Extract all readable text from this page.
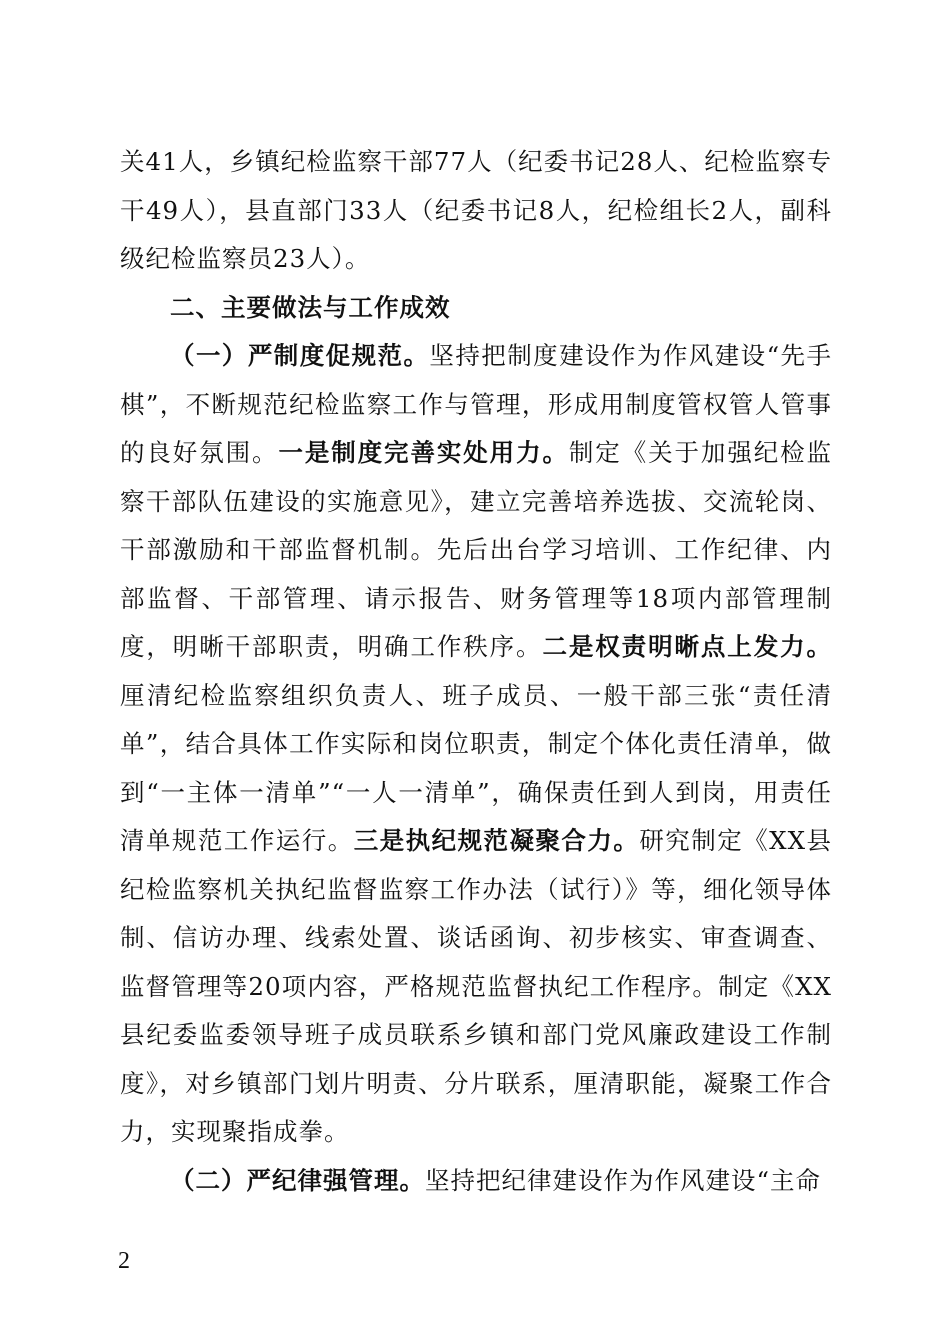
关41人，乡镇纪检监察干部77人（纪委书记28人、纪检监察专干49人），县直部门33人（纪委书记8人，纪检组长2人，副科级纪检监察员23人）。

二、主要做法与工作成效

（一）严制度促规范。坚持把制度建设作为作风建设“先手棋”，不断规范纪检监察工作与管理，形成用制度管权管人管事的良好氛围。一是制度完善实处用力。制定《关于加强纪检监察干部队伍建设的实施意见》，建立完善培养选拔、交流轮岗、干部激励和干部监督机制。先后出台学习培训、工作纪律、内部监督、干部管理、请示报告、财务管理等18项内部管理制度，明晰干部职责，明确工作秩序。二是权责明晰点上发力。厘清纪检监察组织负责人、班子成员、一般干部三张“责任清单”，结合具体工作实际和岗位职责，制定个体化责任清单，做到“一主体一清单”“一人一清单”，确保责任到人到岗，用责任清单规范工作运行。三是执纪规范凝聚合力。研究制定《XX县纪检监察机关执纪监督监察工作办法（试行）》等，细化领导体制、信访办理、线索处置、谈话函询、初步核实、审查调查、监督管理等20项内容，严格规范监督执纪工作程序。制定《XX县纪委监委领导班子成员联系乡镇和部门党风廉政建设工作制度》，对乡镇部门划片明责、分片联系，厘清职能，凝聚工作合力，实现聚指成拳。

（二）严纪律强管理。坚持把纪律建设作为作风建设“主命

2
